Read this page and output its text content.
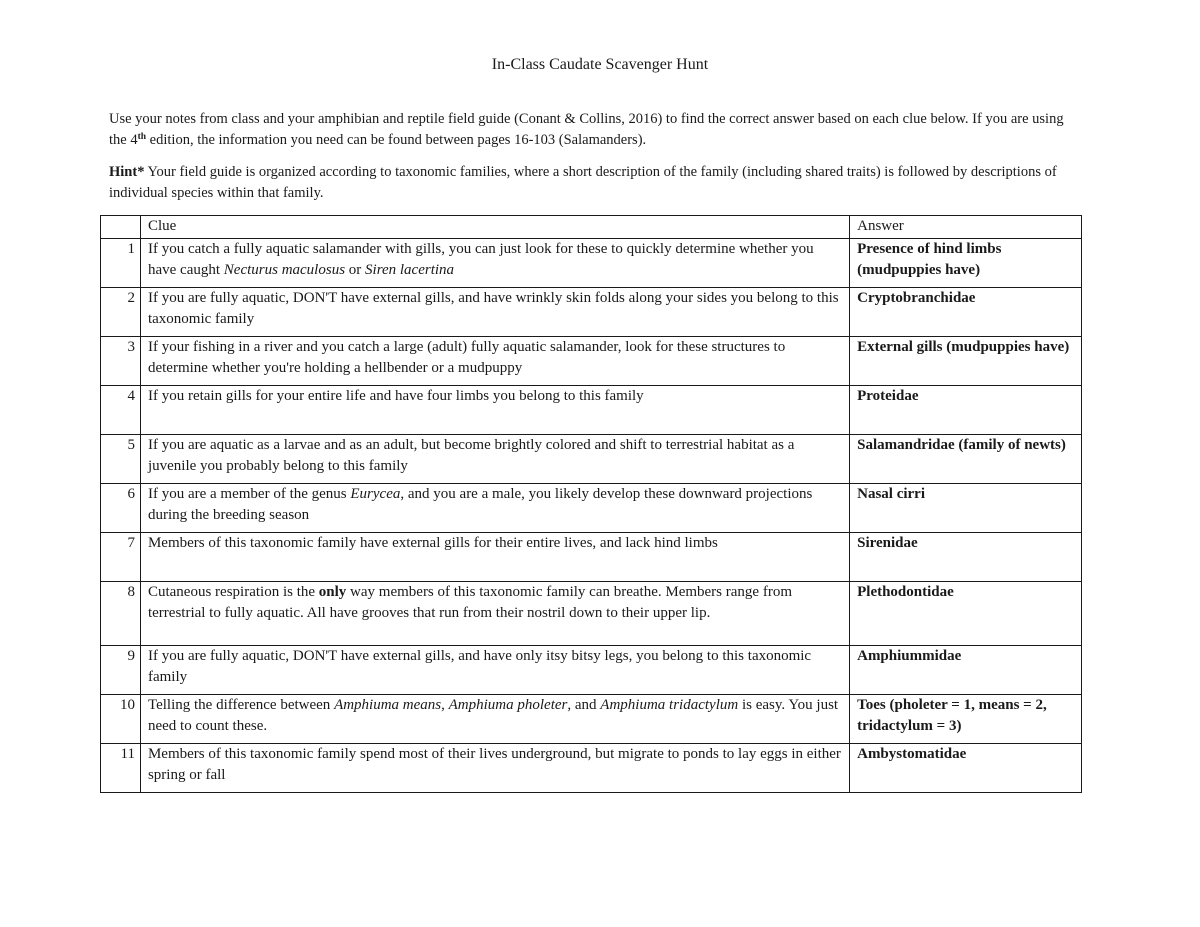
In-Class Caudate Scavenger Hunt
Use your notes from class and your amphibian and reptile field guide (Conant & Collins, 2016) to find the correct answer based on each clue below. If you are using the 4th edition, the information you need can be found between pages 16-103 (Salamanders).
Hint* Your field guide is organized according to taxonomic families, where a short description of the family (including shared traits) is followed by descriptions of individual species within that family.
	Clue	Answer
1	If you catch a fully aquatic salamander with gills, you can just look for these to quickly determine whether you have caught Necturus maculosus or Siren lacertina	Presence of hind limbs (mudpuppies have)
2	If you are fully aquatic, DON'T have external gills, and have wrinkly skin folds along your sides you belong to this taxonomic family	Cryptobranchidae
3	If your fishing in a river and you catch a large (adult) fully aquatic salamander, look for these structures to determine whether you're holding a hellbender or a mudpuppy	External gills (mudpuppies have)
4	If you retain gills for your entire life and have four limbs you belong to this family	Proteidae
5	If you are aquatic as a larvae and as an adult, but become brightly colored and shift to terrestrial habitat as a juvenile you probably belong to this family	Salamandridae (family of newts)
6	If you are a member of the genus Eurycea, and you are a male, you likely develop these downward projections during the breeding season	Nasal cirri
7	Members of this taxonomic family have external gills for their entire lives, and lack hind limbs	Sirenidae
8	Cutaneous respiration is the only way members of this taxonomic family can breathe. Members range from terrestrial to fully aquatic. All have grooves that run from their nostril down to their upper lip.	Plethodontidae
9	If you are fully aquatic, DON'T have external gills, and have only itsy bitsy legs, you belong to this taxonomic family	Amphiummidae
10	Telling the difference between Amphiuma means, Amphiuma pholeter, and Amphiuma tridactylum is easy. You just need to count these.	Toes (pholeter = 1, means = 2, tridactylum = 3)
11	Members of this taxonomic family spend most of their lives underground, but migrate to ponds to lay eggs in either spring or fall	Ambystomatidae
